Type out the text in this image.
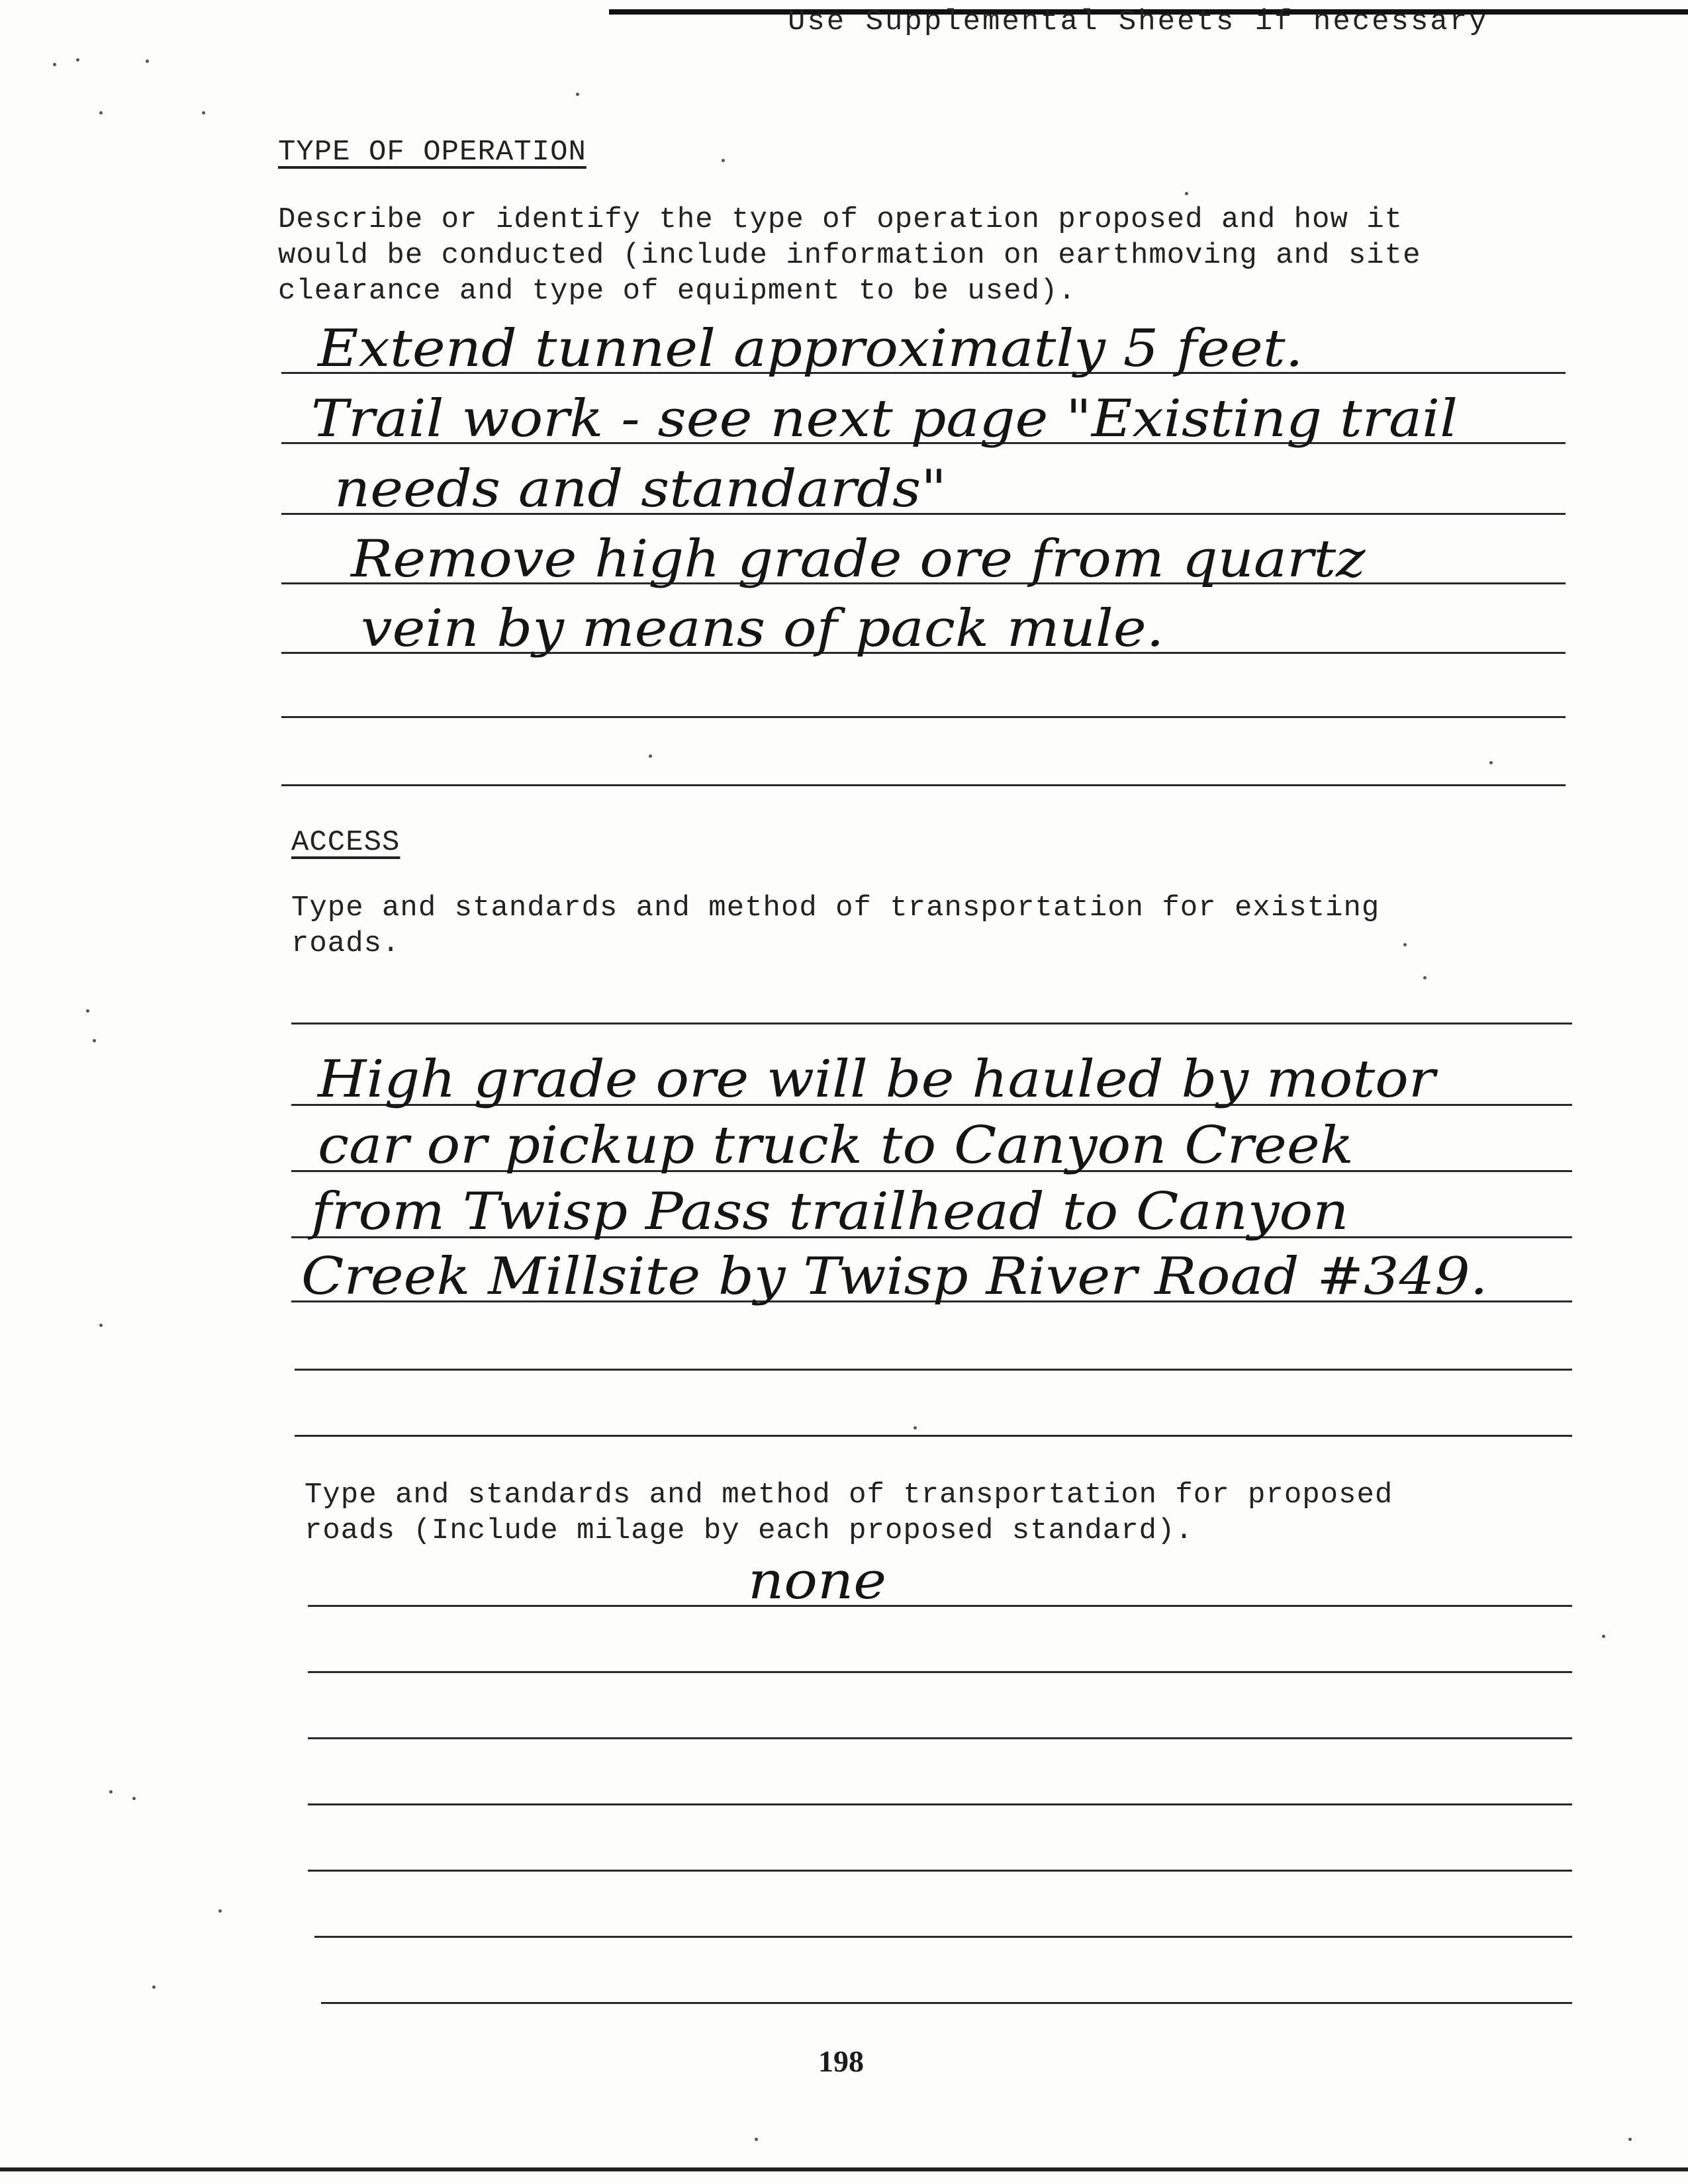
Use Supplemental Sheets if necessary
TYPE OF OPERATION
Describe or identify the type of operation proposed and how it
would be conducted (include information on earthmoving and site
clearance and type of equipment to be used).
Extend tunnel approximatly 5 feet.
Trail work - see next page "Existing trail
needs and standards"
Remove high grade ore from quartz
vein by means of pack mule.
ACCESS
Type and standards and method of transportation for existing
roads.
High grade ore will be hauled by motor
car or pickup truck to Canyon Creek
from Twisp Pass trailhead to Canyon
Creek Millsite by Twisp River Road #349.
Type and standards and method of transportation for proposed
roads (Include milage by each proposed standard).
none
198
